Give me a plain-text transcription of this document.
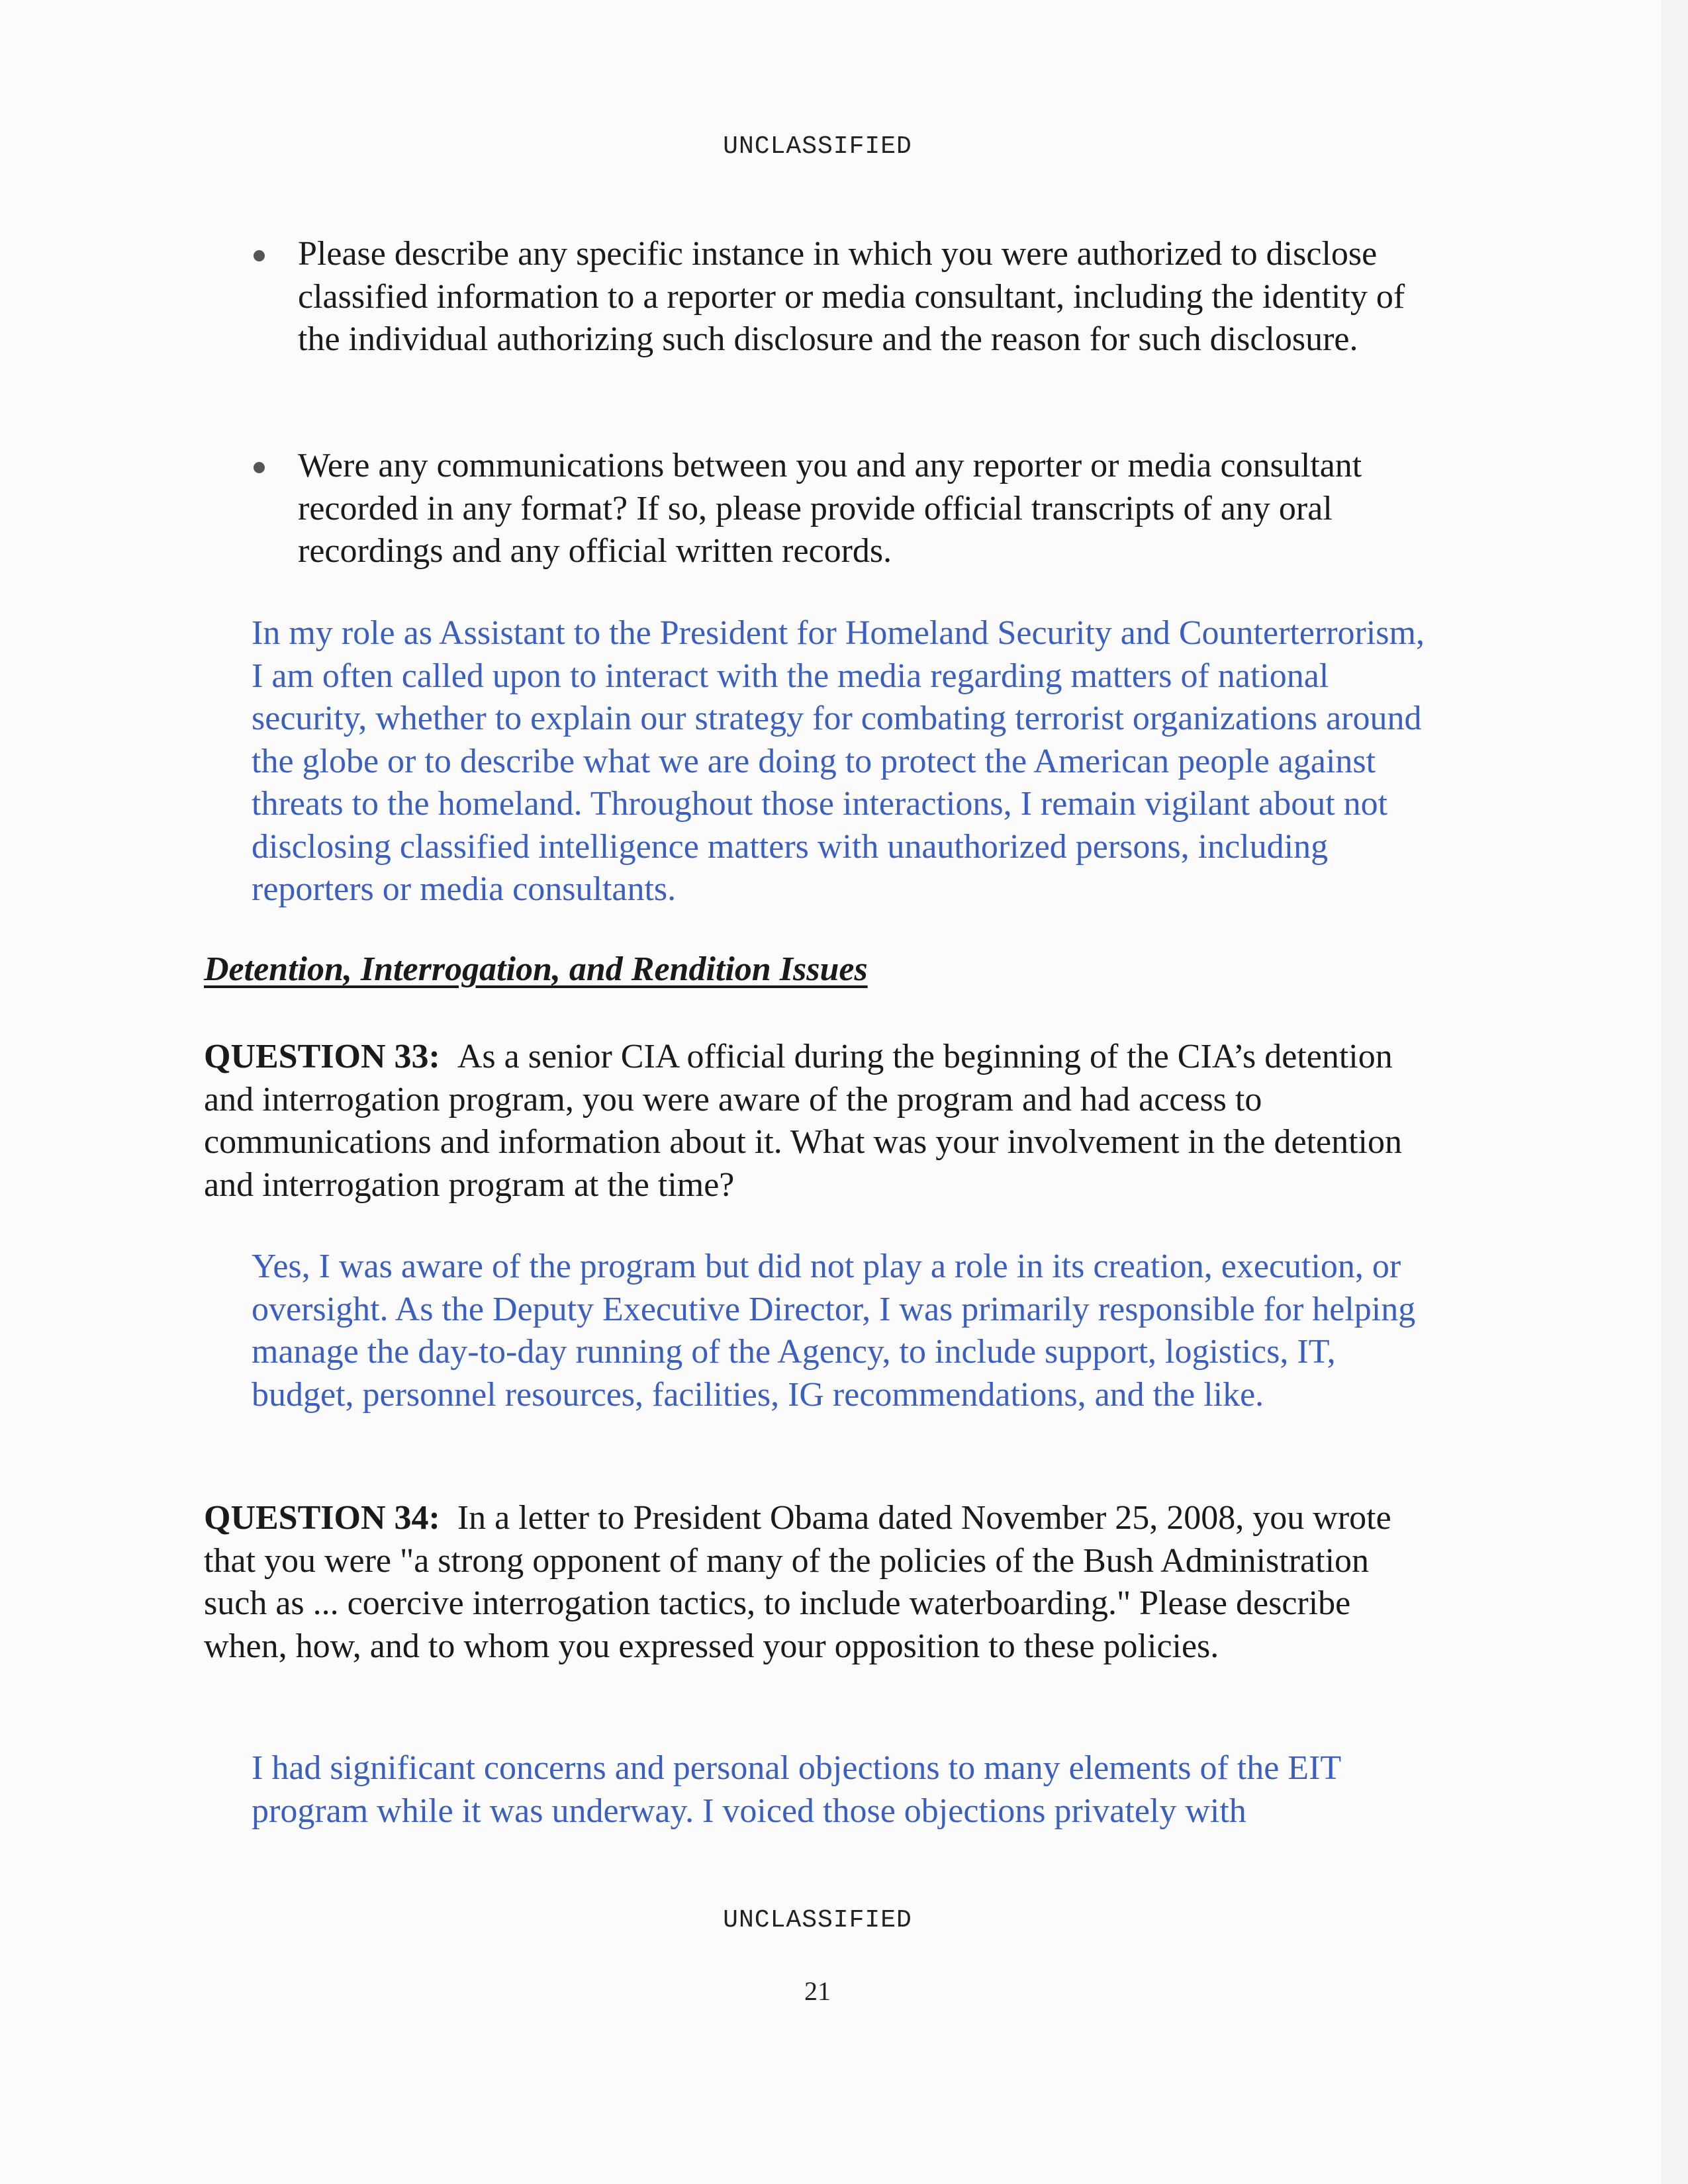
UNCLASSIFIED
Please describe any specific instance in which you were authorized to disclose classified information to a reporter or media consultant, including the identity of the individual authorizing such disclosure and the reason for such disclosure.
Were any communications between you and any reporter or media consultant recorded in any format? If so, please provide official transcripts of any oral recordings and any official written records.
In my role as Assistant to the President for Homeland Security and Counterterrorism, I am often called upon to interact with the media regarding matters of national security, whether to explain our strategy for combating terrorist organizations around the globe or to describe what we are doing to protect the American people against threats to the homeland. Throughout those interactions, I remain vigilant about not disclosing classified intelligence matters with unauthorized persons, including reporters or media consultants.
Detention, Interrogation, and Rendition Issues
QUESTION 33: As a senior CIA official during the beginning of the CIA’s detention and interrogation program, you were aware of the program and had access to communications and information about it. What was your involvement in the detention and interrogation program at the time?
Yes, I was aware of the program but did not play a role in its creation, execution, or oversight. As the Deputy Executive Director, I was primarily responsible for helping manage the day-to-day running of the Agency, to include support, logistics, IT, budget, personnel resources, facilities, IG recommendations, and the like.
QUESTION 34: In a letter to President Obama dated November 25, 2008, you wrote that you were "a strong opponent of many of the policies of the Bush Administration such as ... coercive interrogation tactics, to include waterboarding." Please describe when, how, and to whom you expressed your opposition to these policies.
I had significant concerns and personal objections to many elements of the EIT program while it was underway. I voiced those objections privately with
UNCLASSIFIED
21
